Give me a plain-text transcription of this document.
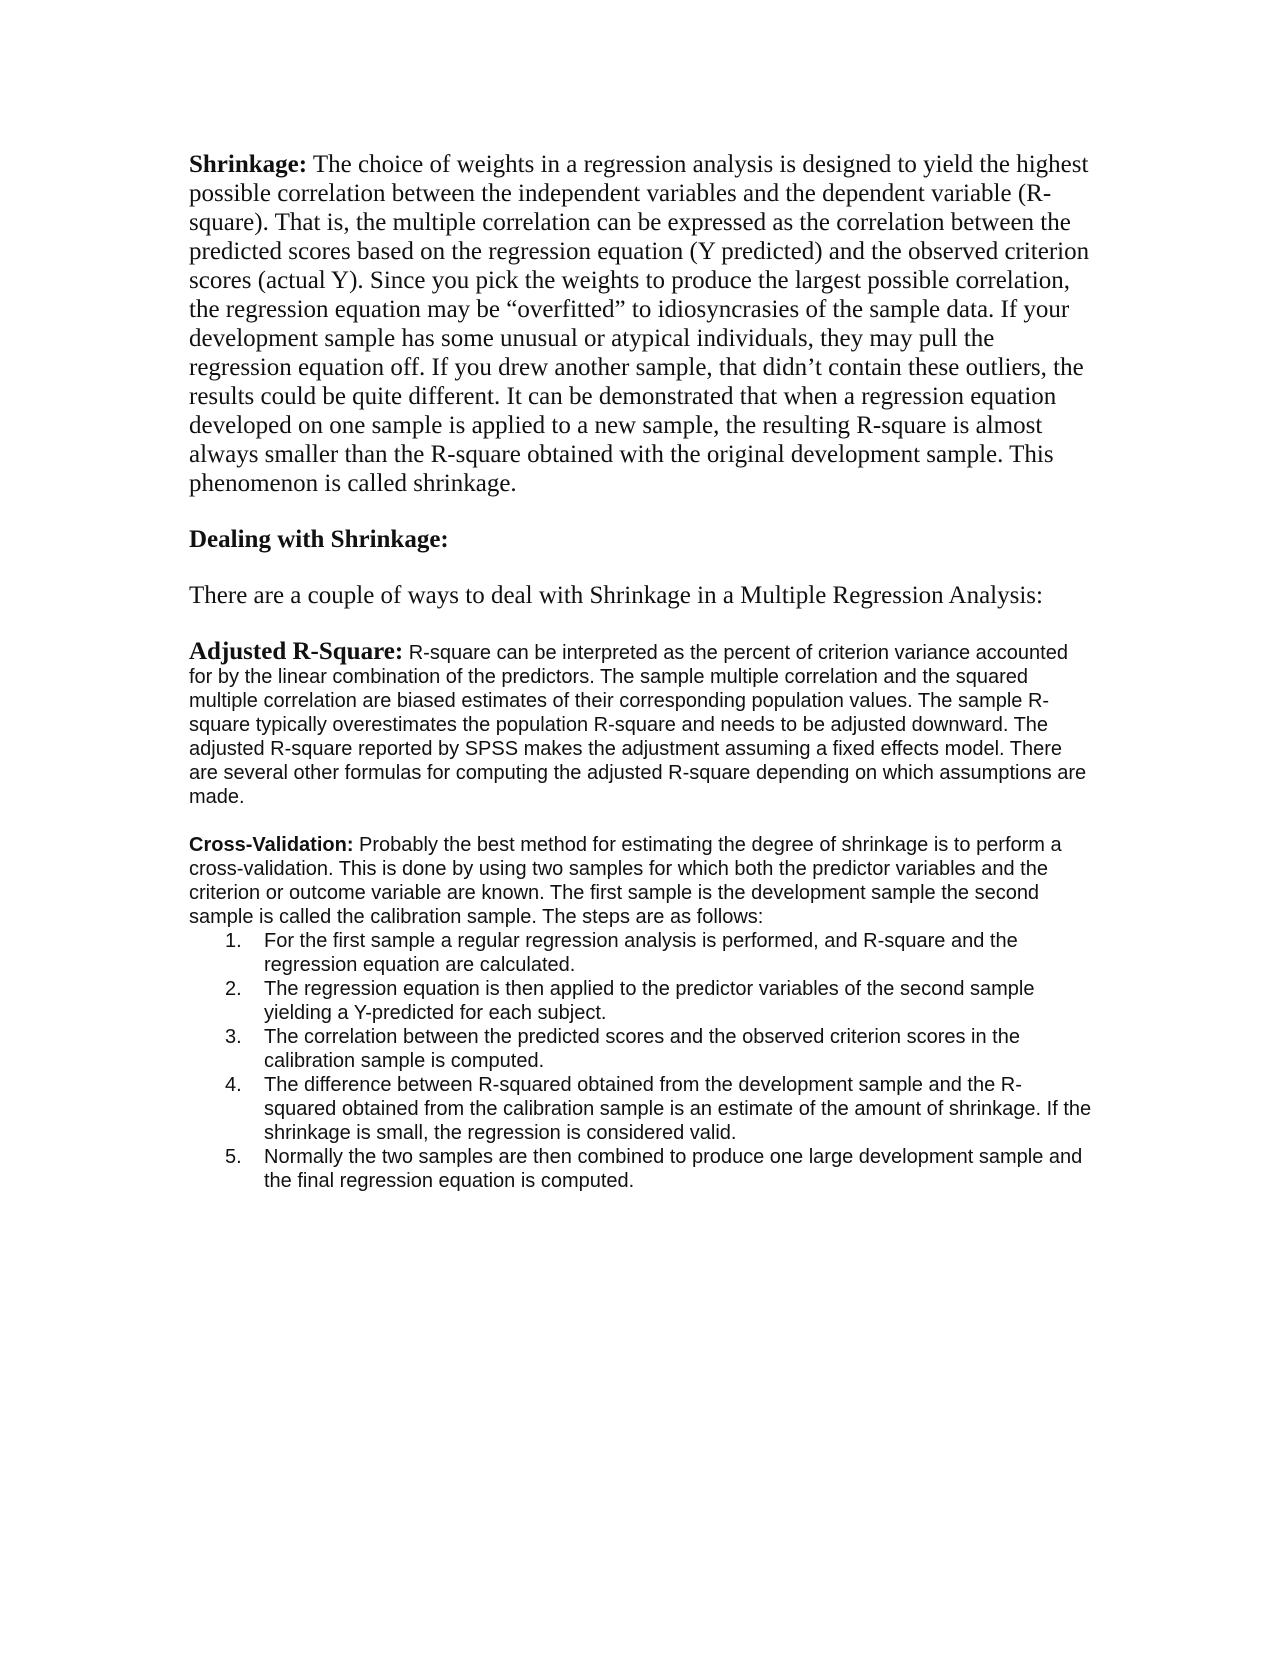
Shrinkage: The choice of weights in a regression analysis is designed to yield the highest possible correlation between the independent variables and the dependent variable (R-square). That is, the multiple correlation can be expressed as the correlation between the predicted scores based on the regression equation (Y predicted) and the observed criterion scores (actual Y). Since you pick the weights to produce the largest possible correlation, the regression equation may be “overfitted” to idiosyncrasies of the sample data. If your development sample has some unusual or atypical individuals, they may pull the regression equation off. If you drew another sample, that didn’t contain these outliers, the results could be quite different. It can be demonstrated that when a regression equation developed on one sample is applied to a new sample, the resulting R-square is almost always smaller than the R-square obtained with the original development sample. This phenomenon is called shrinkage.

Dealing with Shrinkage:

There are a couple of ways to deal with Shrinkage in a Multiple Regression Analysis:

Adjusted R-Square: R-square can be interpreted as the percent of criterion variance accounted for by the linear combination of the predictors. The sample multiple correlation and the squared multiple correlation are biased estimates of their corresponding population values. The sample R-square typically overestimates the population R-square and needs to be adjusted downward. The adjusted R-square reported by SPSS makes the adjustment assuming a fixed effects model. There are several other formulas for computing the adjusted R-square depending on which assumptions are made.

Cross-Validation: Probably the best method for estimating the degree of shrinkage is to perform a cross-validation. This is done by using two samples for which both the predictor variables and the criterion or outcome variable are known. The first sample is the development sample the second sample is called the calibration sample. The steps are as follows:

1. For the first sample a regular regression analysis is performed, and R-square and the regression equation are calculated.
2. The regression equation is then applied to the predictor variables of the second sample yielding a Y-predicted for each subject.
3. The correlation between the predicted scores and the observed criterion scores in the calibration sample is computed.
4. The difference between R-squared obtained from the development sample and the R-squared obtained from the calibration sample is an estimate of the amount of shrinkage. If the shrinkage is small, the regression is considered valid.
5. Normally the two samples are then combined to produce one large development sample and the final regression equation is computed.
